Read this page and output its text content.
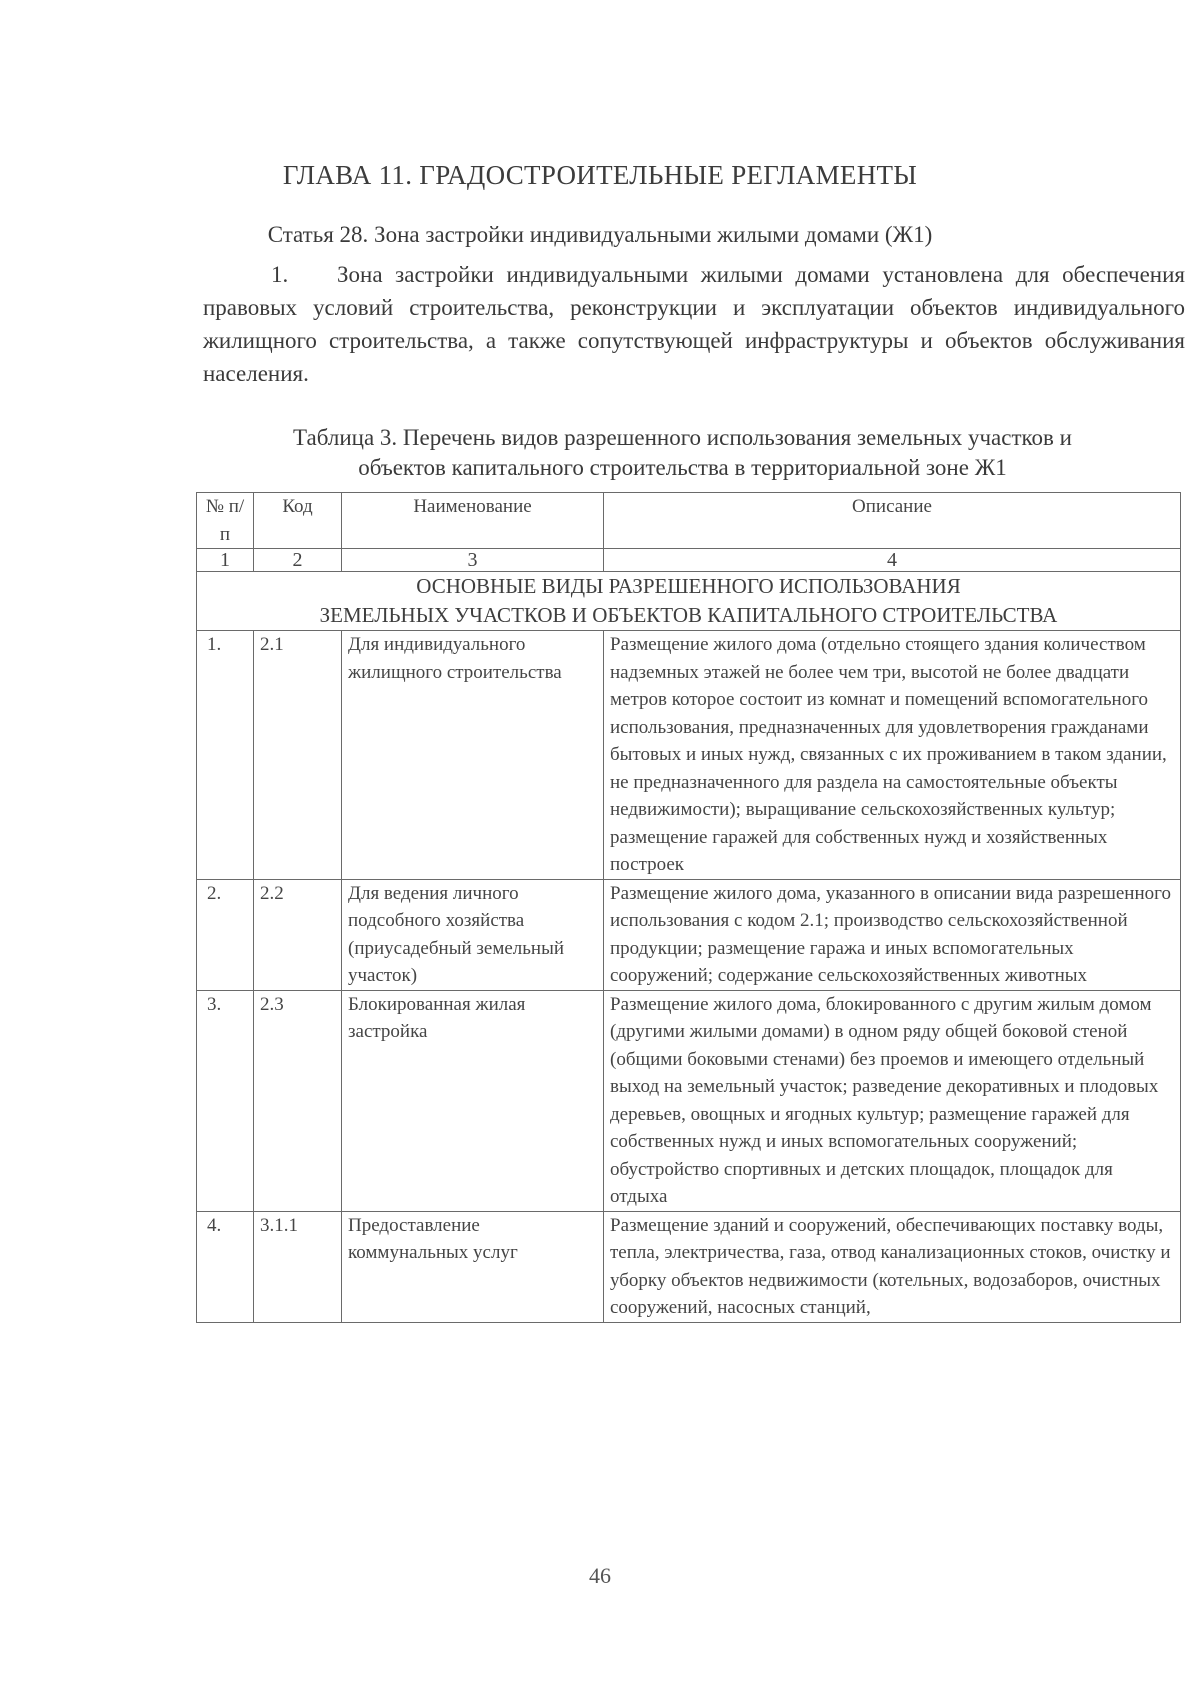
ГЛАВА 11. ГРАДОСТРОИТЕЛЬНЫЕ РЕГЛАМЕНТЫ
Статья 28. Зона застройки индивидуальными жилыми домами (Ж1)
1. Зона застройки индивидуальными жилыми домами установлена для обеспечения правовых условий строительства, реконструкции и эксплуатации объектов индивидуального жилищного строительства, а также сопутствующей инфраструктуры и объектов обслуживания населения.
Таблица 3. Перечень видов разрешенного использования земельных участков и
объектов капитального строительства в территориальной зоне Ж1
№ п/п	Код	Наименование	Описание
1	2	3	4

ОСНОВНЫЕ ВИДЫ РАЗРЕШЕННОГО ИСПОЛЬЗОВАНИЯ
ЗЕМЕЛЬНЫХ УЧАСТКОВ И ОБЪЕКТОВ КАПИТАЛЬНОГО СТРОИТЕЛЬСТВА			

1.	2.1	Для индивидуального жилищного строительства	Размещение жилого дома (отдельно стоящего здания количеством надземных этажей не более чем три, высотой не более двадцати метров которое состоит из комнат и помещений вспомогательного использования, предназначенных для удовлетворения гражданами бытовых и иных нужд, связанных с их проживанием в таком здании, не предназначенного для раздела на самостоятельные объекты недвижимости); выращивание сельскохозяйственных культур; размещение гаражей для собственных нужд и хозяйственных построек
2.	2.2	Для ведения личного подсобного хозяйства (приусадебный земельный участок)	Размещение жилого дома, указанного в описании вида разрешенного использования с кодом 2.1; производство сельскохозяйственной продукции; размещение гаража и иных вспомогательных сооружений; содержание сельскохозяйственных животных
3.	2.3	Блокированная жилая застройка	Размещение жилого дома, блокированного с другим жилым домом (другими жилыми домами) в одном ряду общей боковой стеной (общими боковыми стенами) без проемов и имеющего отдельный выход на земельный участок; разведение декоративных и плодовых деревьев, овощных и ягодных культур; размещение гаражей для собственных нужд и иных вспомогательных сооружений; обустройство спортивных и детских площадок, площадок для отдыха
4.	3.1.1	Предоставление коммунальных услуг	Размещение зданий и сооружений, обеспечивающих поставку воды, тепла, электричества, газа, отвод канализационных стоков, очистку и уборку объектов недвижимости (котельных, водозаборов, очистных сооружений, насосных станций,
46
